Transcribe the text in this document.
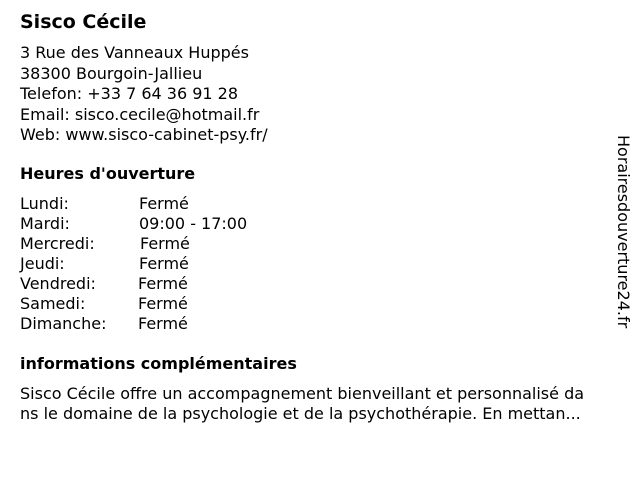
Sisco Cécile
3 Rue des Vanneaux Huppés
38300 Bourgoin-Jallieu
Telefon: +33 7 64 36 91 28
Email: sisco.cecile@hotmail.fr
Web: www.sisco-cabinet-psy.fr/
Heures d'ouverture
Lundi:	Fermé
Mardi:	09:00 - 17:00
Mercredi:	Fermé
Jeudi:	Fermé
Vendredi:	Fermé
Samedi:	Fermé
Dimanche: Fermé
informations complémentaires
Sisco Cécile offre un accompagnement bienveillant et personnalisé da
ns le domaine de la psychologie et de la psychothérapie. En mettan...
Horairesdouverture24.fr
